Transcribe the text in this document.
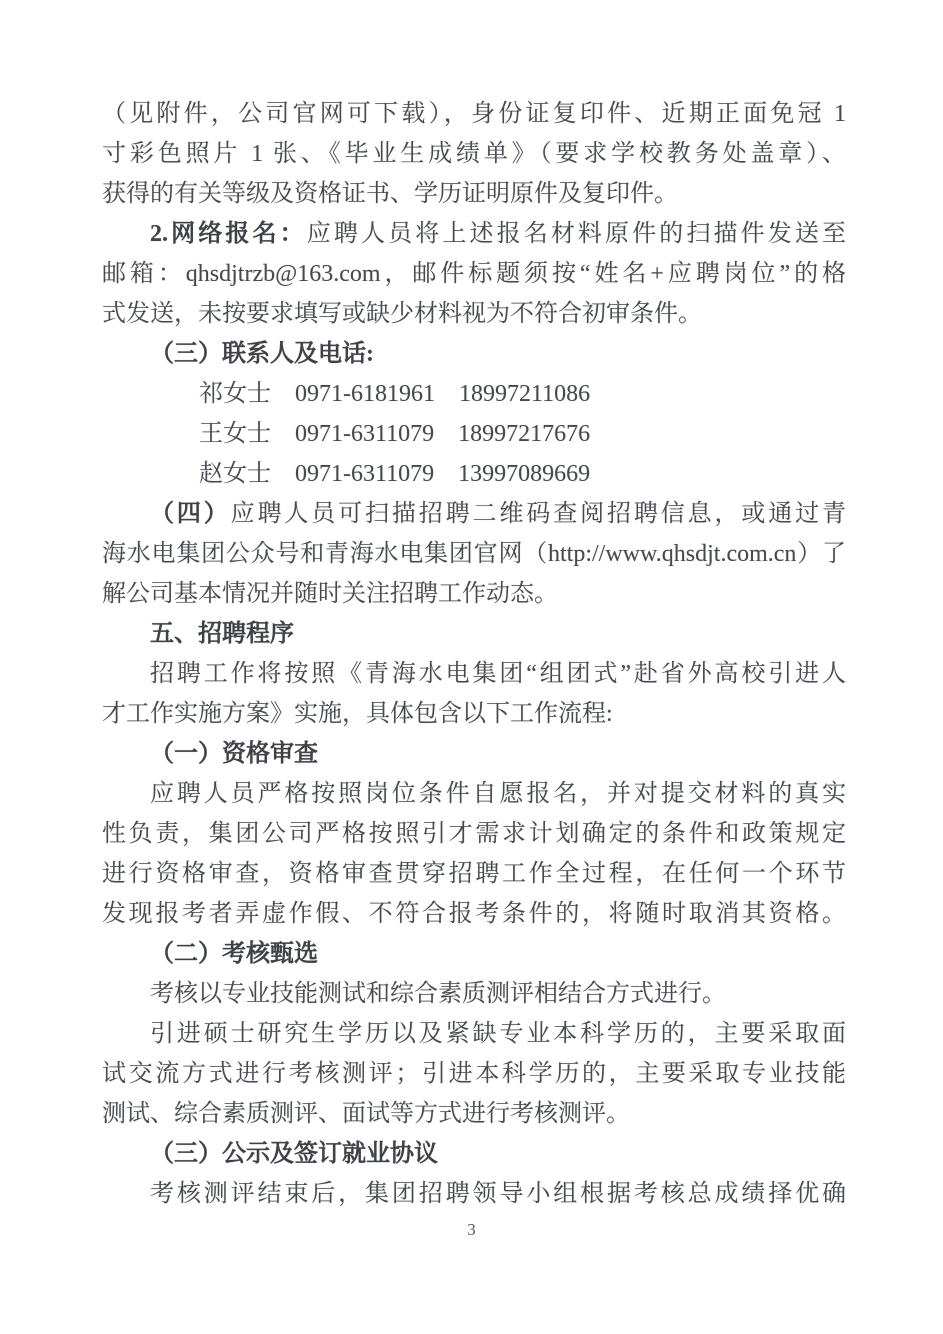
（见附件，公司官网可下载），身份证复印件、近期正面免冠 1
寸彩色照片 1 张、《毕业生成绩单》（要求学校教务处盖章）、
获得的有关等级及资格证书、学历证明原件及复印件。
2.网络报名：应聘人员将上述报名材料原件的扫描件发送至
邮箱：qhsdjtrzb@163.com，邮件标题须按“姓名+应聘岗位”的格
式发送，未按要求填写或缺少材料视为不符合初审条件。
（三）联系人及电话:
祁女士　0971-6181961　18997211086
王女士　0971-6311079　18997217676
赵女士　0971-6311079　13997089669
（四）应聘人员可扫描招聘二维码查阅招聘信息，或通过青
海水电集团公众号和青海水电集团官网（http://www.qhsdjt.com.cn）了
解公司基本情况并随时关注招聘工作动态。
五、招聘程序
招聘工作将按照《青海水电集团“组团式”赴省外高校引进人
才工作实施方案》实施，具体包含以下工作流程:
（一）资格审查
应聘人员严格按照岗位条件自愿报名，并对提交材料的真实
性负责，集团公司严格按照引才需求计划确定的条件和政策规定
进行资格审查，资格审查贯穿招聘工作全过程，在任何一个环节
发现报考者弄虚作假、不符合报考条件的，将随时取消其资格。
（二）考核甄选
考核以专业技能测试和综合素质测评相结合方式进行。
引进硕士研究生学历以及紧缺专业本科学历的，主要采取面
试交流方式进行考核测评；引进本科学历的，主要采取专业技能
测试、综合素质测评、面试等方式进行考核测评。
（三）公示及签订就业协议
考核测评结束后，集团招聘领导小组根据考核总成绩择优确
3
